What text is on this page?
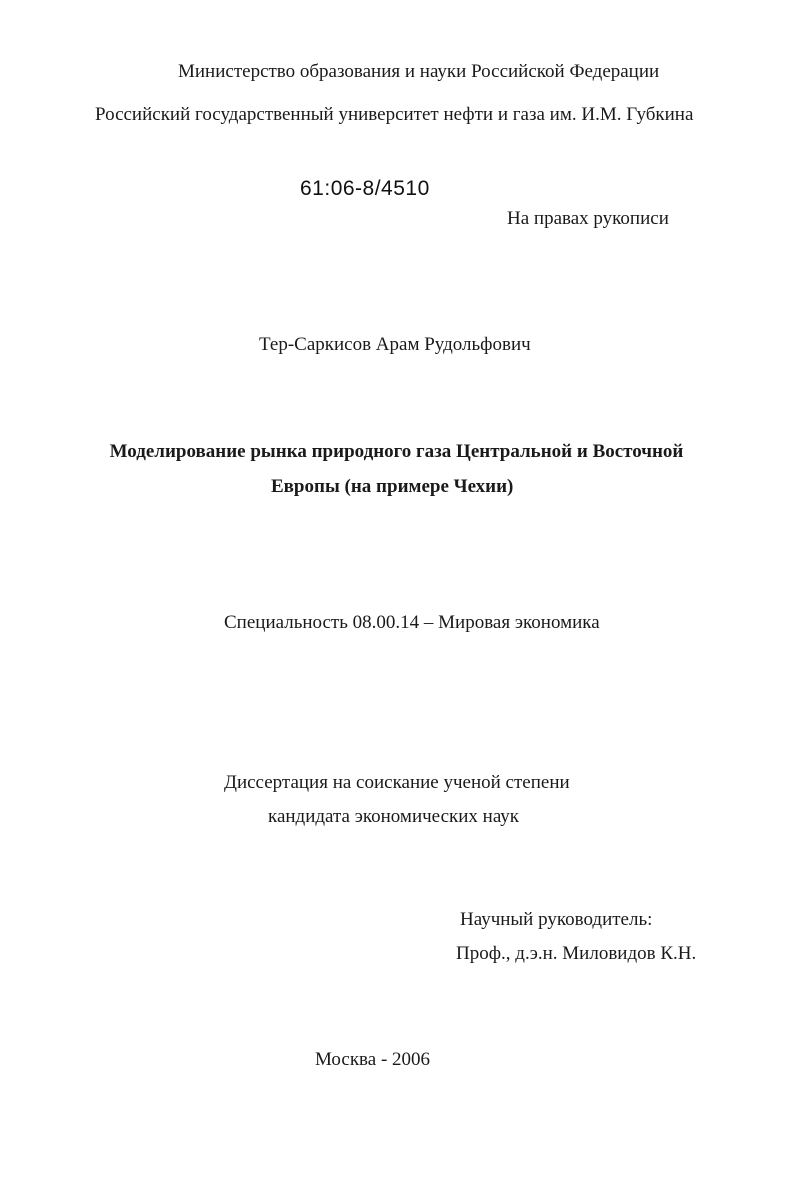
Министерство образования и науки Российской Федерации
Российский государственный университет нефти и газа им. И.М. Губкина
61:06-8/4510
На правах рукописи
Тер-Саркисов Арам Рудольфович
Моделирование рынка природного газа Центральной и Восточной
Европы (на примере Чехии)
Специальность 08.00.14 – Мировая экономика
Диссертация на соискание ученой степени
кандидата экономических наук
Научный руководитель:
Проф., д.э.н. Миловидов К.Н.
Москва - 2006
